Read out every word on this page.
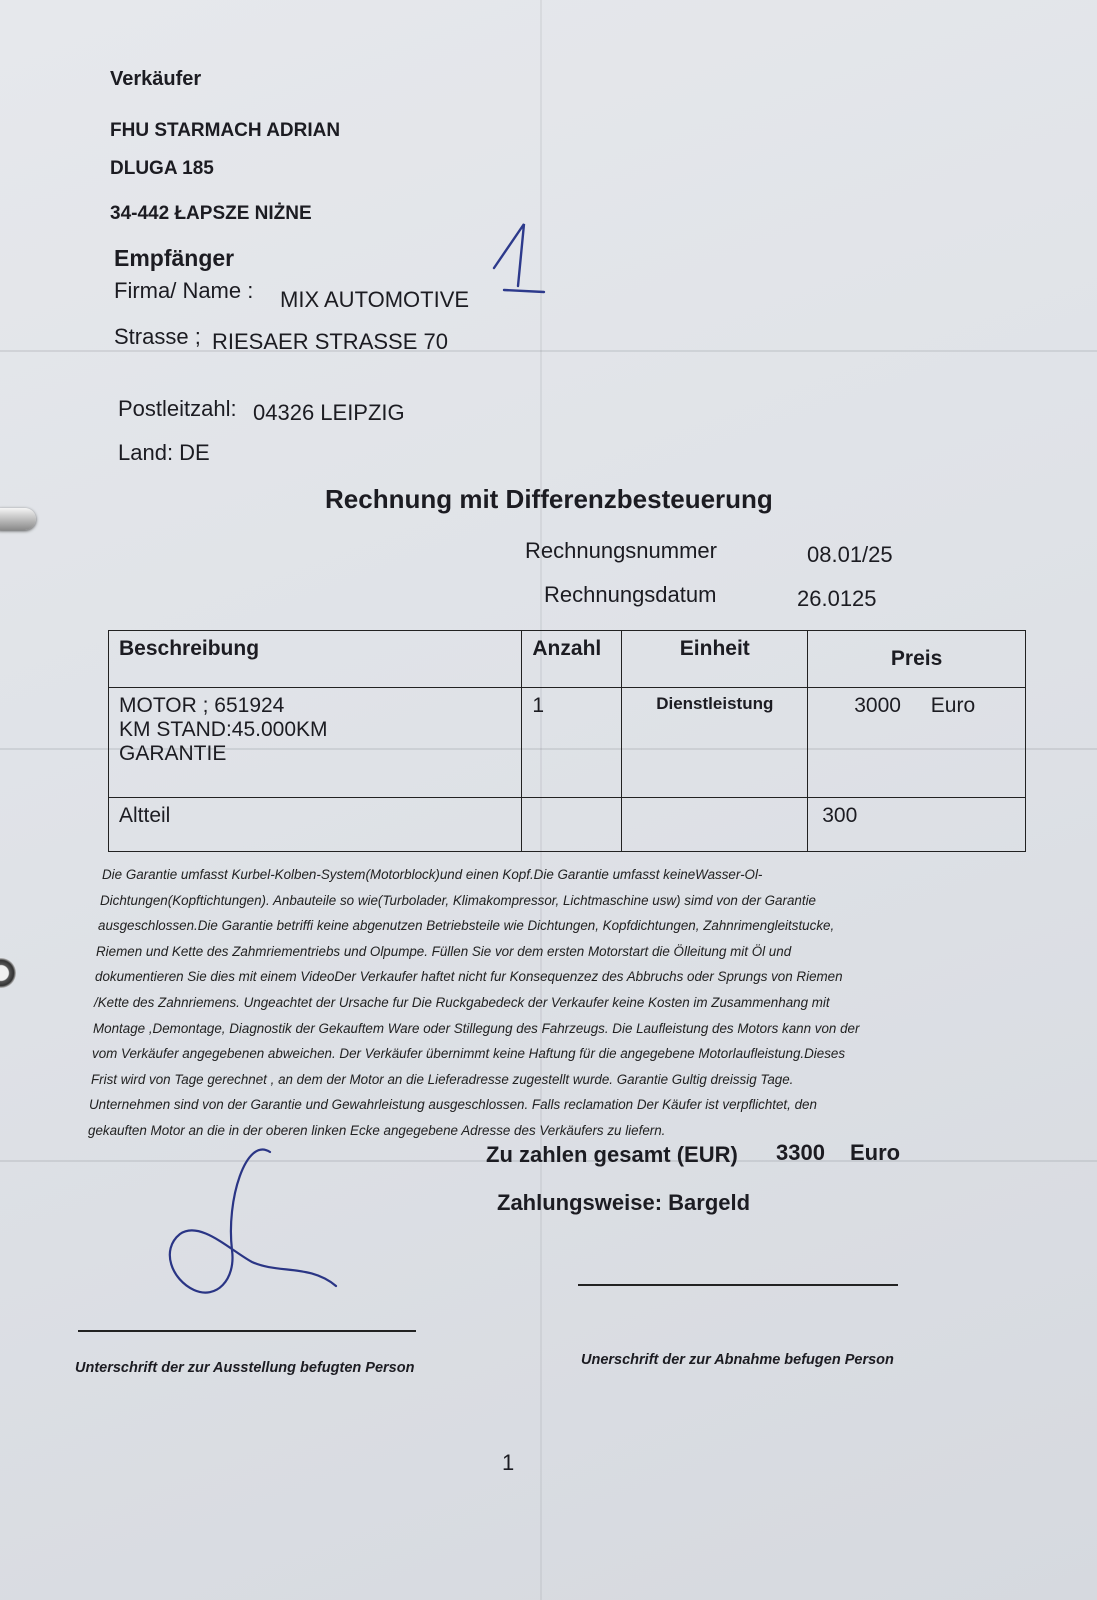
Verkäufer
FHU STARMACH ADRIAN
DLUGA 185
34-442 ŁAPSZE NIŻNE
Empfänger
Firma/ Name : MIX AUTOMOTIVE
Strasse ; RIESAER STRASSE 70
Postleitzahl: 04326 LEIPZIG
Land: DE
Rechnung mit Differenzbesteuerung
Rechnungsnummer	08.01/25
Rechnungsdatum	26.0125
Beschreibung	Anzahl	Einheit	Preis

MOTOR ; 651924
KM STAND:45.000KM
GARANTIE	1	Dienstleistung	3000 Euro
Altteil			300
Die Garantie umfasst Kurbel-Kolben-System(Motorblock)und einen Kopf.Die Garantie umfasst keineWasser-Ol-
Dichtungen(Kopftichtungen). Anbauteile so wie(Turbolader, Klimakompressor, Lichtmaschine usw) simd von der Garantie
ausgeschlossen.Die Garantie betriffi keine abgenutzen Betriebsteile wie Dichtungen, Kopfdichtungen, Zahnrimengleitstucke,
Riemen und Kette des Zahmriementriebs und Olpumpe. Füllen Sie vor dem ersten Motorstart die Ölleitung mit Öl und
dokumentieren Sie dies mit einem VideoDer Verkaufer haftet nicht fur Konsequenzez des Abbruchs oder Sprungs von Riemen
/Kette des Zahnriemens. Ungeachtet der Ursache fur Die Ruckgabedeck der Verkaufer keine Kosten im Zusammenhang mit
Montage ,Demontage, Diagnostik der Gekauftem Ware oder Stillegung des Fahrzeugs. Die Laufleistung des Motors kann von der
vom Verkäufer angegebenen abweichen. Der Verkäufer übernimmt keine Haftung für die angegebene Motorlaufleistung.Dieses
Frist wird von Tage gerechnet , an dem der Motor an die Lieferadresse zugestellt wurde. Garantie Gultig dreissig Tage.
Unternehmen sind von der Garantie und Gewahrleistung ausgeschlossen. Falls reclamation Der Käufer ist verpflichtet, den
gekauften Motor an die in der oberen linken Ecke angegebene Adresse des Verkäufers zu liefern.
Zu zahlen gesamt (EUR) 3300 Euro
Zahlungsweise: Bargeld
Unterschrift der zur Ausstellung befugten Person	Unerschrift der zur Abnahme befugen Person
1
